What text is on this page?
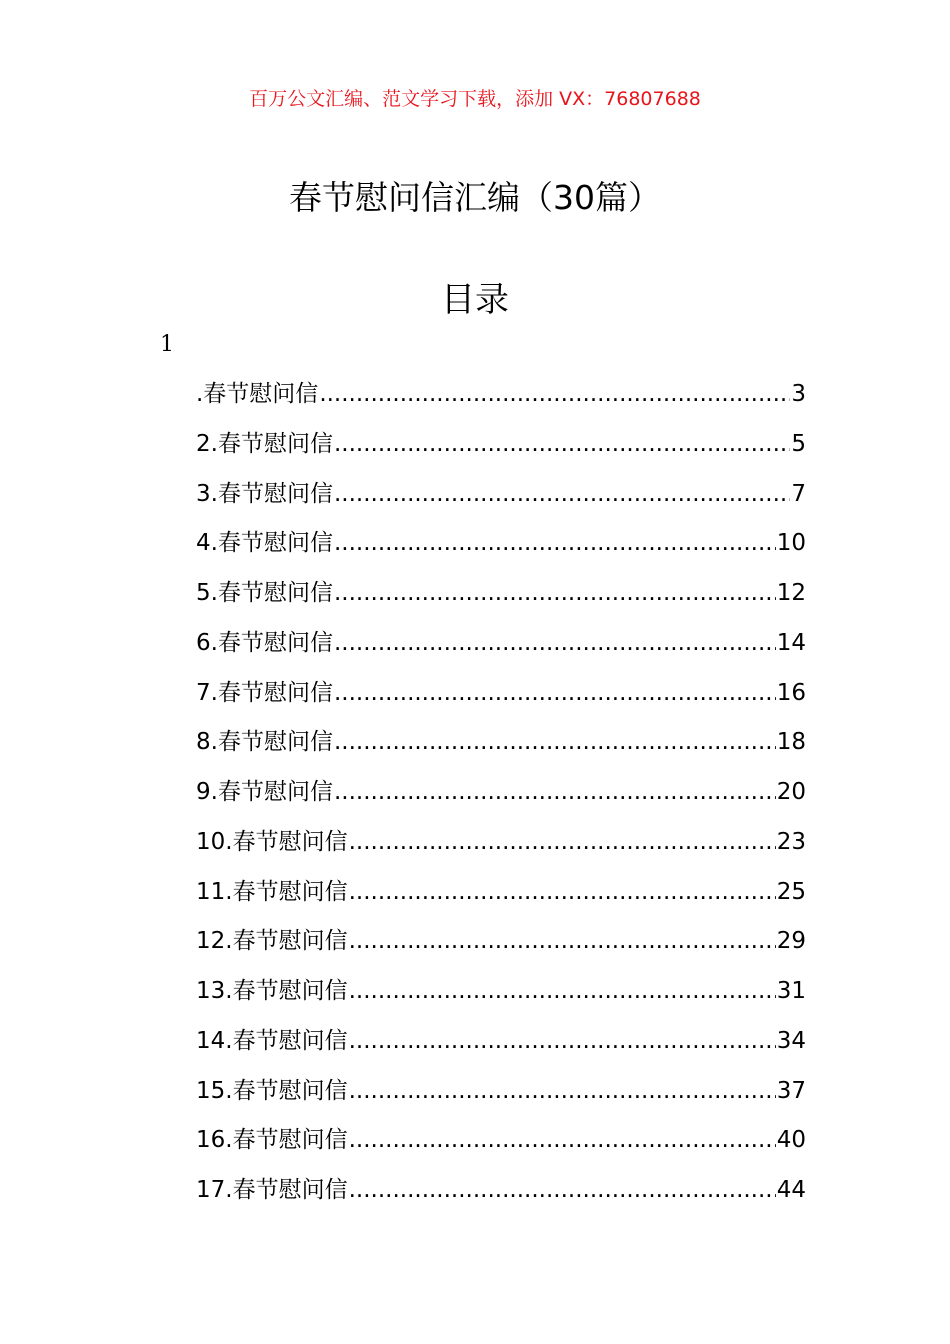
百万公文汇编、范文学习下载，添加 VX：76807688
春节慰问信汇编（30篇）
目录
1
.春节慰问信 .....	3
2.春节慰问信 .....	5
3.春节慰问信 .....	7
4.春节慰问信 .....	10
5.春节慰问信 .....	12
6.春节慰问信 .....	14
7.春节慰问信 .....	16
8.春节慰问信 .....	18
9.春节慰问信 .....	20
10.春节慰问信 .....	23
11.春节慰问信 .....	25
12.春节慰问信 .....	29
13.春节慰问信 .....	31
14.春节慰问信 .....	34
15.春节慰问信 .....	37
16.春节慰问信 .....	40
17.春节慰问信 .....	44
